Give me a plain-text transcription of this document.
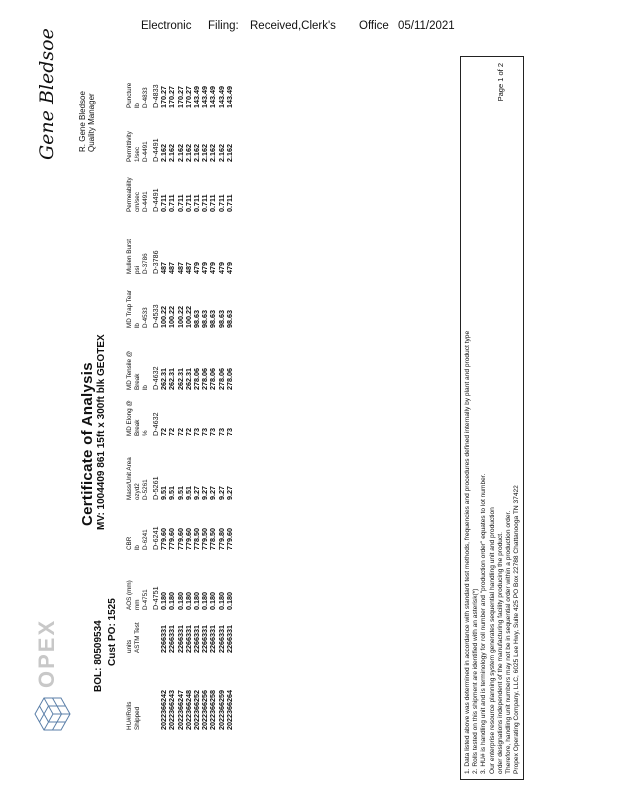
Electronic Filing: Received,Clerk's Office 05/11/2021
OPEX	BOL: 80509534 Cust PO: 1525
Certificate of Analysis MV: 1004409 861 15ft x 300ft blk GEOTEX
HU#/Rolls Shipped
units ASTM Test
AOS (mm) mm D-4751
CBR lb D-6241
Mass/Unit Area ozyd2 D-5261
MD Elong @ Break %
MD Tensile @ Break lb
MD Trap Tear lb D-4533
Mullen Burst psi D-3786
Permeability cm/sec D-4491
Permittivity 1/sec D-4491
Puncture lb D-4833
D-4751
D-6241
D-5261
D-4632
D-4632
D-4533
D-3786
D-4491
D-4491
D-4833
2022366242
2266331
0.180
779.60
9.51
72
262.31
100.22
487
0.711
2.162
170.27
2022366243
2266331
0.180
779.60
9.51
72
262.31
100.22
487
0.711
2.162
170.27
2022366247
2266331
0.180
779.60
9.51
72
262.31
100.22
487
0.711
2.162
170.27
2022366248
2266331
0.180
779.60
9.51
72
262.31
100.22
487
0.711
2.162
170.27
2022366252
2266331
0.180
778.50
9.27
73
278.06
98.63
479
0.711
2.162
143.49
2022366256
2266331
0.180
779.50
9.27
73
278.06
98.63
479
0.711
2.162
143.49
2022366258
2266331
0.180
778.50
9.27
73
278.06
98.63
479
0.711
2.162
143.49
2022366259
2266331
0.180
779.80
9.27
73
278.06
98.63
479
0.711
2.162
143.49
2022366264
2266331
0.180
779.60
9.27
73
278.06
98.63
479
0.711
2.162
143.49
Gene Bledsoe	R. Gene Bledsoe Quality Manager
1. Data listed above was determined in accordance with standard test methods, frequencies and procedures defined internally by plant and product type 2. Rolls tested on this shipment are identified with an asterisk(*) 3. HU# is handling unit and is terminology for roll number and "production order" equates to lot number. Our enterprise resource planning system generates sequential handling unit and production order designations independent of the manufacturing facility producing the product. Therefore, handling unit numbers may not be in sequential order within a production order. Propex Operating Company, LLC, 6025 Lee Hwy, Suite 425 PO Box 22788 Chattanooga TN 37422
Page 1 of 2
